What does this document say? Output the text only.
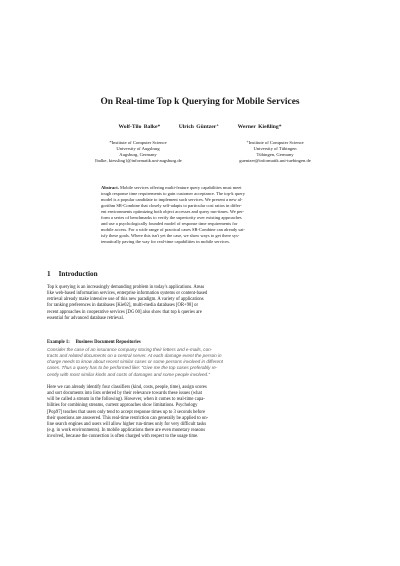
On Real-time Top k Querying for Mobile Services
Wolf-Tilo Balke*	Ulrich Güntzer⁺	Werner Kießling*
*Institute of Computer Science
University of Augsburg
Augsburg, Germany
{balke, kiessling}@informatik.uni-augsburg.de
⁺Institute of Computer Science
University of Tübingen
Tübingen, Germany
guentzer@informatik.uni-tuebingen.de
Abstract. Mobile services offering multi-feature query capabilities must meet
tough response time requirements to gain customer acceptance. The top-k query
model is a popular candidate to implement such services. We present a new al-
gorithm SR-Combine that closely self-adapts to particular cost ratios in differ-
ent environments optimizing both object accesses and query run-times. We per-
form a series of benchmarks to verify the superiority over existing approaches
and use a psychologically founded model of response time requirements for
mobile access. For a wide range of practical cases SR-Combine can already sat-
isfy these goals. Where this isn't yet the case, we show ways to get there sys-
tematically paving the way for real-time capabilities in mobile services.
1 Introduction
Top k querying is an increasingly demanding problem in today's applications. Areas
like web-based information services, enterprise information systems or content-based
retrieval already make intensive use of this new paradigm. A variety of applications
for ranking preferences in databases [Kie02], multi-media databases [OR+98] or
recent approaches in cooperative services [DG 00] also show that top k queries are
essential for advanced database retrieval.
Example 1: Business Document Repositories
Consider the case of an insurance company storing their letters and e-mails, con-
tracts and related documents on a central server. At each damage event the person in
charge needs to know about recent similar cases or some persons involved in different
cases. Thus a query has to be performed like: “Give me the top cases preferably re-
cently with most similar kinds and costs of damages and some people involved.”
Here we can already identify four classifiers (kind, costs, people, time), assign scores
and sort documents into lists ordered by their relevance towards these issues (what
will be called a stream in the following). However, when it comes to real-time capa-
bilities for combining streams, current approaches show limitations. Psychology
[Pop97] teaches that users only tend to accept response times up to 3 seconds before
their questions are answered. This real-time restriction can generally be applied to on-
line search engines and users will allow higher run-times only for very difficult tasks
(e.g. in work environments). In mobile applications there are even monetary reasons
involved, because the connection is often charged with respect to the usage time.
